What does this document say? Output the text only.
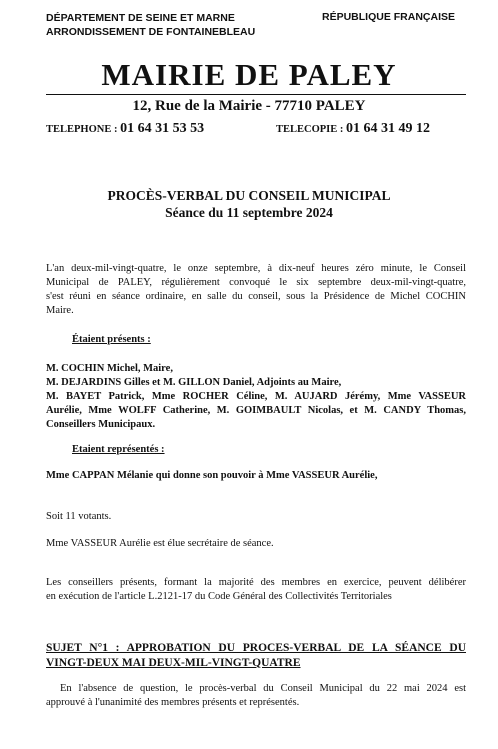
DÉPARTEMENT DE SEINE ET MARNE
ARRONDISSEMENT DE FONTAINEBLEAU
RÉPUBLIQUE FRANÇAISE
MAIRIE DE PALEY
12, Rue de la Mairie - 77710 PALEY
TELEPHONE : 01 64 31 53 53	TELECOPIE : 01 64 31 49 12
PROCÈS-VERBAL DU CONSEIL MUNICIPAL
Séance du 11 septembre 2024
L'an deux-mil-vingt-quatre, le onze septembre, à dix-neuf heures zéro minute, le Conseil
Municipal de PALEY, régulièrement convoqué le six septembre deux-mil-vingt-quatre,
s'est réuni en séance ordinaire, en salle du conseil, sous la Présidence de Michel COCHIN
Maire.
Étaient présents :
M. COCHIN Michel, Maire,
M. DEJARDINS Gilles et M. GILLON Daniel, Adjoints au Maire,
M. BAYET Patrick, Mme ROCHER Céline, M. AUJARD Jérémy, Mme VASSEUR
Aurélie, Mme WOLFF Catherine, M. GOIMBAULT Nicolas, et M. CANDY Thomas,
Conseillers Municipaux.
Etaient représentés :
Mme CAPPAN Mélanie qui donne son pouvoir à Mme VASSEUR Aurélie,
Soit 11 votants.
Mme VASSEUR Aurélie est élue secrétaire de séance.
Les conseillers présents, formant la majorité des membres en exercice, peuvent délibérer
en exécution de l'article L.2121-17 du Code Général des Collectivités Territoriales
SUJET N°1 : APPROBATION DU PROCES-VERBAL DE LA SÉANCE DU
VINGT-DEUX MAI DEUX-MIL-VINGT-QUATRE
En l'absence de question, le procès-verbal du Conseil Municipal du 22 mai 2024 est
approuvé à l'unanimité des membres présents et représentés.
